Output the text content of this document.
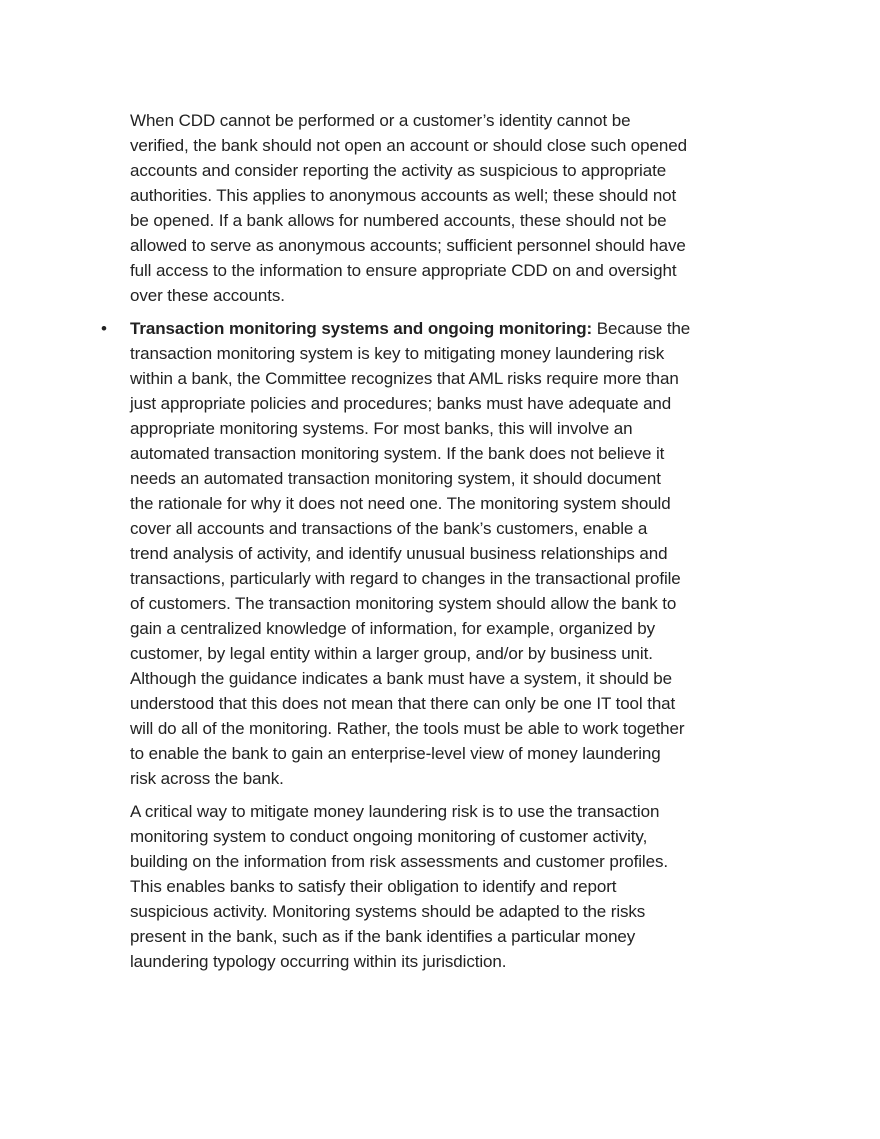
When CDD cannot be performed or a customer’s identity cannot be
verified, the bank should not open an account or should close such opened
accounts and consider reporting the activity as suspicious to appropriate
authorities. This applies to anonymous accounts as well; these should not
be opened. If a bank allows for numbered accounts, these should not be
allowed to serve as anonymous accounts; sufficient personnel should have
full access to the information to ensure appropriate CDD on and oversight
over these accounts.
• Transaction monitoring systems and ongoing monitoring: Because the
transaction monitoring system is key to mitigating money laundering risk
within a bank, the Committee recognizes that AML risks require more than
just appropriate policies and procedures; banks must have adequate and
appropriate monitoring systems. For most banks, this will involve an
automated transaction monitoring system. If the bank does not believe it
needs an automated transaction monitoring system, it should document
the rationale for why it does not need one. The monitoring system should
cover all accounts and transactions of the bank’s customers, enable a
trend analysis of activity, and identify unusual business relationships and
transactions, particularly with regard to changes in the transactional profile
of customers. The transaction monitoring system should allow the bank to
gain a centralized knowledge of information, for example, organized by
customer, by legal entity within a larger group, and/or by business unit.
Although the guidance indicates a bank must have a system, it should be
understood that this does not mean that there can only be one IT tool that
will do all of the monitoring. Rather, the tools must be able to work together
to enable the bank to gain an enterprise-level view of money laundering
risk across the bank.
A critical way to mitigate money laundering risk is to use the transaction
monitoring system to conduct ongoing monitoring of customer activity,
building on the information from risk assessments and customer profiles.
This enables banks to satisfy their obligation to identify and report
suspicious activity. Monitoring systems should be adapted to the risks
present in the bank, such as if the bank identifies a particular money
laundering typology occurring within its jurisdiction.
